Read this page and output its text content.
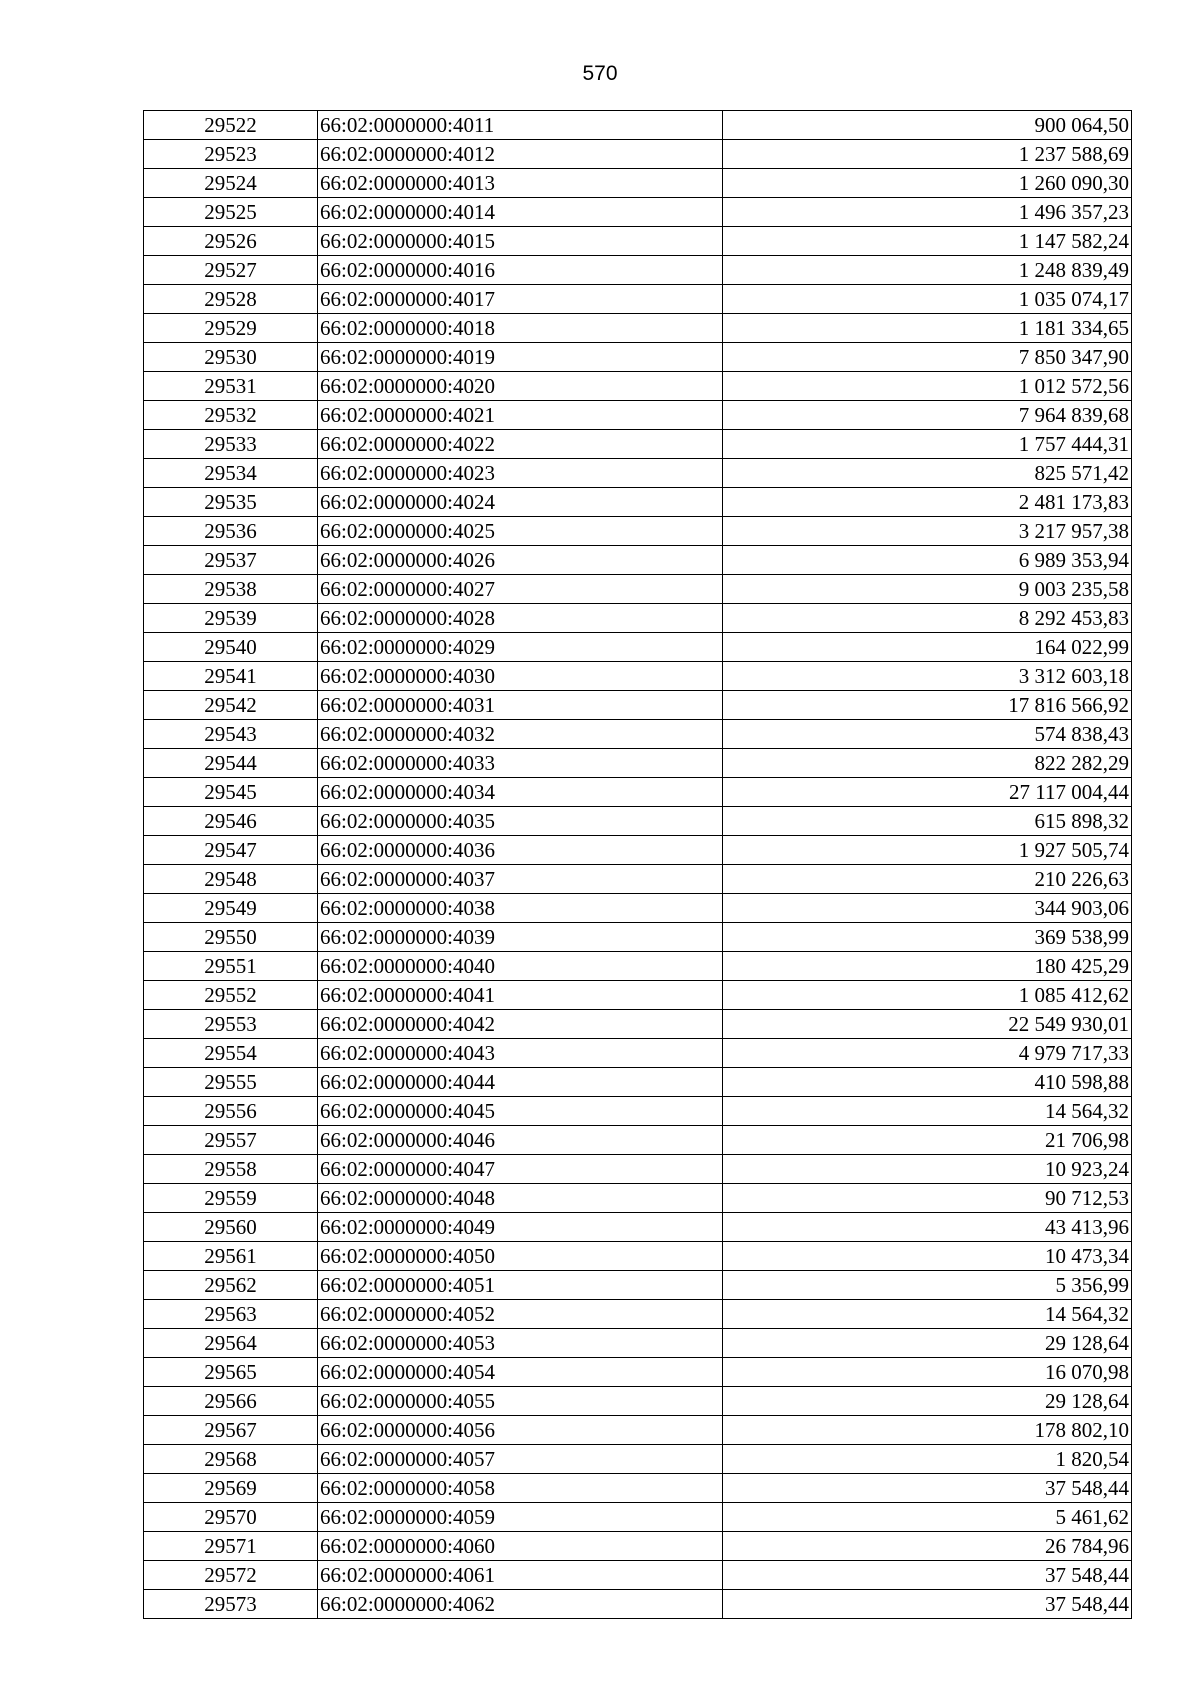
570
29522	66:02:0000000:4011	900 064,50
29523	66:02:0000000:4012	1 237 588,69
29524	66:02:0000000:4013	1 260 090,30
29525	66:02:0000000:4014	1 496 357,23
29526	66:02:0000000:4015	1 147 582,24
29527	66:02:0000000:4016	1 248 839,49
29528	66:02:0000000:4017	1 035 074,17
29529	66:02:0000000:4018	1 181 334,65
29530	66:02:0000000:4019	7 850 347,90
29531	66:02:0000000:4020	1 012 572,56
29532	66:02:0000000:4021	7 964 839,68
29533	66:02:0000000:4022	1 757 444,31
29534	66:02:0000000:4023	825 571,42
29535	66:02:0000000:4024	2 481 173,83
29536	66:02:0000000:4025	3 217 957,38
29537	66:02:0000000:4026	6 989 353,94
29538	66:02:0000000:4027	9 003 235,58
29539	66:02:0000000:4028	8 292 453,83
29540	66:02:0000000:4029	164 022,99
29541	66:02:0000000:4030	3 312 603,18
29542	66:02:0000000:4031	17 816 566,92
29543	66:02:0000000:4032	574 838,43
29544	66:02:0000000:4033	822 282,29
29545	66:02:0000000:4034	27 117 004,44
29546	66:02:0000000:4035	615 898,32
29547	66:02:0000000:4036	1 927 505,74
29548	66:02:0000000:4037	210 226,63
29549	66:02:0000000:4038	344 903,06
29550	66:02:0000000:4039	369 538,99
29551	66:02:0000000:4040	180 425,29
29552	66:02:0000000:4041	1 085 412,62
29553	66:02:0000000:4042	22 549 930,01
29554	66:02:0000000:4043	4 979 717,33
29555	66:02:0000000:4044	410 598,88
29556	66:02:0000000:4045	14 564,32
29557	66:02:0000000:4046	21 706,98
29558	66:02:0000000:4047	10 923,24
29559	66:02:0000000:4048	90 712,53
29560	66:02:0000000:4049	43 413,96
29561	66:02:0000000:4050	10 473,34
29562	66:02:0000000:4051	5 356,99
29563	66:02:0000000:4052	14 564,32
29564	66:02:0000000:4053	29 128,64
29565	66:02:0000000:4054	16 070,98
29566	66:02:0000000:4055	29 128,64
29567	66:02:0000000:4056	178 802,10
29568	66:02:0000000:4057	1 820,54
29569	66:02:0000000:4058	37 548,44
29570	66:02:0000000:4059	5 461,62
29571	66:02:0000000:4060	26 784,96
29572	66:02:0000000:4061	37 548,44
29573	66:02:0000000:4062	37 548,44
